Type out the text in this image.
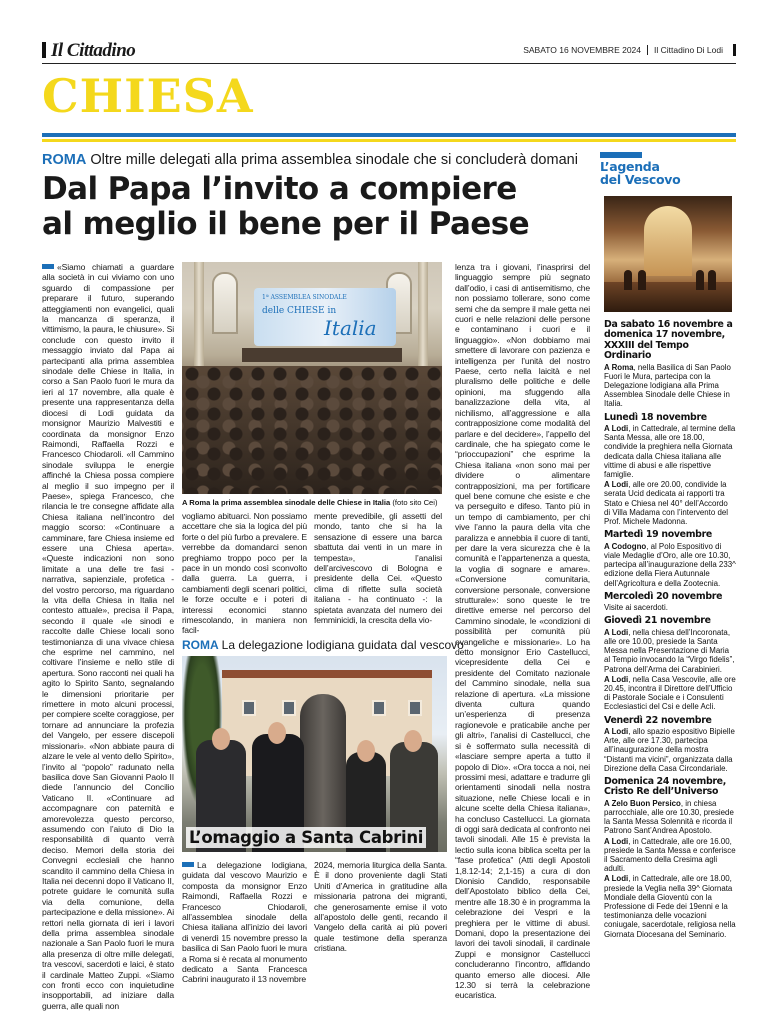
Il Cittadino	SABATO 16 NOVEMBRE 2024 Il Cittadino Di Lodi
CHIESA
ROMA Oltre mille delegati alla prima assemblea sinodale che si concluderà domani
Dal Papa l’invito a compiere
al meglio il bene per il Paese
«Siamo chiamati a guardare alla società in cui viviamo con uno sguardo di compassione per preparare il futuro, superando atteggiamenti non evangelici, quali la mancanza di speranza, il vittimismo, la paura, le chiusure». Si conclude con questo invito il messaggio inviato dal Papa ai partecipanti alla prima assemblea sinodale delle Chiese in Italia, in corso a San Paolo fuori le mura da ieri al 17 novembre, alla quale è presente una rappresentanza della diocesi di Lodi guidata da monsignor Maurizio Malvestiti e coordinata da monsignor Enzo Raimondi, Raffaella Rozzi e Francesco Chiodaroli. «Il Cammino sinodale sviluppa le energie affinché la Chiesa possa compiere al meglio il suo impegno per il Paese», spiega Francesco, che rilancia le tre consegne affidate alla Chiesa italiana nell’incontro del maggio scorso: «Continuare a camminare, fare Chiesa insieme ed essere una Chiesa aperta». «Queste indicazioni non sono limitate a una delle tre fasi - narrativa, sapienziale, profetica - del vostro percorso, ma riguardano la vita della Chiesa in Italia nel contesto attuale», precisa il Papa, secondo il quale «le sinodi e raccolte dalle Chiese locali sono testimonianza di una vivace chiesa che esprime nel cammino, nel coltivare l’insieme e nello stile di apertura. Sono racconti nei quali ha agito lo Spirito Santo, segnalando le dimensioni prioritarie per rimettere in moto alcuni processi, per compiere scelte coraggiose, per tornare ad annunciare la profezia del Vangelo, per essere discepoli missionari». «Non abbiate paura di alzare le vele al vento dello Spirito», l’invito al “popolo” radunato nella basilica dove San Giovanni Paolo II diede l’annuncio del Concilio Vaticano II. «Continuare ad accompagnare con paternità e amorevolezza questo percorso, assumendo con l’aiuto di Dio la responsabilità di quanto verrà deciso. Memori della storia dei Convegni ecclesiali che hanno scandito il cammino della Chiesa in Italia nei decenni dopo il Vaticano II, potrete guidare le comunità sulla via della comunione, della partecipazione e della missione». Ai rettori nella giornata di ieri i lavori della prima assemblea sinodale nazionale a San Paolo fuori le mura alla presenza di oltre mille delegati, tra vescovi, sacerdoti e laici, è stato il cardinale Matteo Zuppi. «Siamo con fronti ecco con inquietudine insopportabili, ad iniziare dalla guerra, alle quali non
1ª ASSEMBLEA SINODALE
delle CHIESE in
Italia
A Roma la prima assemblea sinodale delle Chiese in Italia (foto sito Cei)
vogliamo abituarci. Non possiamo accettare che sia la logica del più forte o del più furbo a prevalere. E verrebbe da domandarci senon preghiamo troppo poco per la pace in un mondo così sconvolto dalla guerra. La guerra, i cambiamenti degli scenari politici, le forze occulte e i poteri di interessi economici stanno rimescolando, in maniera non facil-
mente prevedibile, gli assetti del mondo, tanto che si ha la sensazione di essere una barca sbattuta dai venti in un mare in tempesta», l’analisi dell’arcivescovo di Bologna e presidente della Cei. «Questo clima di riflette sulla società italiana - ha continuato -: la spietata avanzata del numero dei femminicidi, la crescita della vio-
lenza tra i giovani, l’inasprirsi del linguaggio sempre più segnato dall’odio, i casi di antisemitismo, che non possiamo tollerare, sono come semi che da sempre il male getta nei cuori e nelle relazioni delle persone e contaminano i cuori e il linguaggio». «Non dobbiamo mai smettere di lavorare con pazienza e intelligenza per l’unità del nostro Paese, certo nella laicità e nel pluralismo delle politiche e delle opinioni, ma sfuggendo alla banalizzazione della vita, al nichilismo, all’aggressione e alla contrapposizione come modalità del parlare e del decidere», l’appello del cardinale, che ha spiegato come le “prioccupazioni” che esprime la Chiesa italiana «non sono mai per dividere o alimentare contrapposizioni, ma per fortificare quel bene comune che esiste e che va perseguito e difeso. Tanto più in un tempo di cambiamento, per chi vive l’anno la paura della vita che paralizza e annebbia il cuore di tanti, per dare la vera sicurezza che è la comunità e l’appartenenza a questa, la voglia di sognare e amare». «Conversione comunitaria, conversione personale, conversione strutturale»: sono queste le tre direttive emerse nel percorso del Cammino sinodale, le «condizioni di possibilità per comunità più evangeliche e missionarie». Lo ha detto monsignor Erio Castellucci, vicepresidente della Cei e presidente del Comitato nazionale del Cammino sinodale, nella sua relazione di apertura. «La missione diventa cultura quando un’esperienza di presenza ragionevole e praticabile anche per gli altri», l’analisi di Castellucci, che si è soffermato sulla necessità di «lasciare sempre aperta a tutto il popolo di Dio». «Ora tocca a noi, nei prossimi mesi, adattare e tradurre gli orientamenti sinodali nella nostra situazione, nelle Chiese locali e in alcune scelte della Chiesa italiana», ha concluso Castellucci. La giornata di oggi sarà dedicata al confronto nei tavoli sinodali. Alle 15 è prevista la lectio sulla icona biblica scelta per la “fase profetica” (Atti degli Apostoli 1,8.12-14; 2,1-15) a cura di don Dionisio Candido, responsabile dell’Apostolato biblico della Cei, mentre alle 18.30 è in programma la celebrazione dei Vespri e la preghiera per le vittime di abusi. Domani, dopo la presentazione dei lavori dei tavoli sinodali, il cardinale Zuppi e monsignor Castellucci concluderanno l’incontro, affidando quanto emerso alle diocesi. Alle 12.30 si terrà la celebrazione eucaristica.
ROMA La delegazione lodigiana guidata dal vescovo
L’omaggio a Santa Cabrini
La delegazione lodigiana, guidata dal vescovo Maurizio e composta da monsignor Enzo Raimondi, Raffaella Rozzi e Francesco Chiodaroli, all’assemblea sinodale della Chiesa italiana all’inizio dei lavori di venerdì 15 novembre presso la basilica di San Paolo fuori le mura a Roma si è recata al monumento dedicato a Santa Francesca Cabrini inaugurato il 13 novembre
2024, memoria liturgica della Santa. È il dono proveniente dagli Stati Uniti d’America in gratitudine alla missionaria patrona dei migranti, che generosamente emise il voto all’apostolo delle genti, recando il Vangelo della carità ai più poveri quale testimone della speranza cristiana.
L’agenda
del Vescovo
Da sabato 16 novembre a domenica 17 novembre, XXXIII del Tempo Ordinario
A Roma, nella Basilica di San Paolo Fuori le Mura, partecipa con la Delegazione lodigiana alla Prima Assemblea Sinodale delle Chiese in Italia.
Lunedì 18 novembre
A Lodi, in Cattedrale, al termine della Santa Messa, alle ore 18.00, condivide la preghiera nella Giornata dedicata dalla Chiesa italiana alle vittime di abusi e alle rispettive famiglie.
A Lodi, alle ore 20.00, condivide la serata Ucid dedicata ai rapporti tra Stato e Chiesa nel 40° dell’Accordo di Villa Madama con l’intervento del Prof. Michele Madonna.
Martedì 19 novembre
A Codogno, al Polo Espositivo di viale Medaglie d’Oro, alle ore 10.30, partecipa all’inaugurazione della 233^ edizione della Fiera Autunnale dell’Agricoltura e della Zootecnia.
Mercoledì 20 novembre
Visite ai sacerdoti.
Giovedì 21 novembre
A Lodi, nella chiesa dell’Incoronata, alle ore 10.00, presiede la Santa Messa nella Presentazione di Maria al Tempio invocando la “Virgo fidelis”, Patrona dell’Arma dei Carabinieri.
A Lodi, nella Casa Vescovile, alle ore 20.45, incontra il Direttore dell’Ufficio di Pastorale Sociale e i Consulenti Ecclesiastici del Csi e delle Acli.
Venerdì 22 novembre
A Lodi, allo spazio espositivo Bipielle Arte, alle ore 17.30, partecipa all’inaugurazione della mostra “Distanti ma vicini”, organizzata dalla Direzione della Casa Circondariale.
Domenica 24 novembre, Cristo Re dell’Universo
A Zelo Buon Persico, in chiesa parrocchiale, alle ore 10.30, presiede la Santa Messa Solennità e ricorda il Patrono Sant’Andrea Apostolo.
A Lodi, in Cattedrale, alle ore 16.00, presiede la Santa Messa e conferisce il Sacramento della Cresima agli adulti.
A Lodi, in Cattedrale, alle ore 18.00, presiede la Veglia nella 39^ Giornata Mondiale della Gioventù con la Professione di Fede dei 19enni e la testimonianza delle vocazioni coniugale, sacerdotale, religiosa nella Giornata Diocesana del Seminario.
